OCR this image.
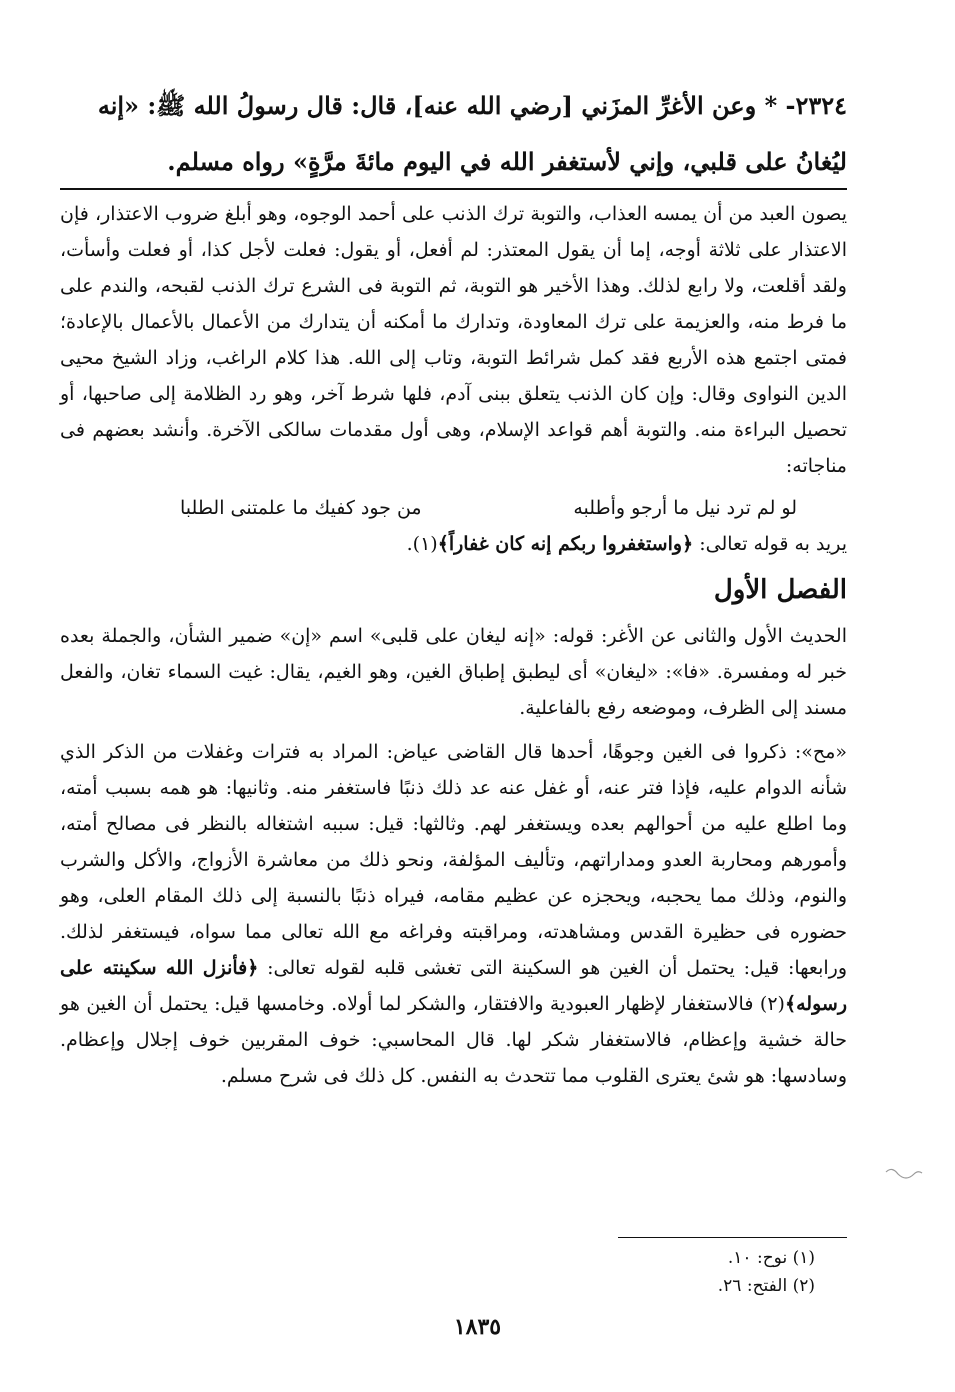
٢٣٢٤- * وعن الأغرِّ المزَني [رضي الله عنه]، قال: قال رسولُ الله ﷺ: «إنه

ليُغانُ على قلبي، وإني لأستغفر الله في اليوم مائةَ مرَّةٍ» رواه مسلم.

يصون العبد من أن يمسه العذاب، والتوبة ترك الذنب على أحمد الوجوه، وهو أبلغ ضروب الاعتذار، فإن الاعتذار على ثلاثة أوجه، إما أن يقول المعتذر: لم أفعل، أو يقول: فعلت لأجل كذا، أو فعلت وأسأت، ولقد أقلعت، ولا رابع لذلك. وهذا الأخير هو التوبة، ثم التوبة فى الشرع ترك الذنب لقبحه، والندم على ما فرط منه، والعزيمة على ترك المعاودة، وتدارك ما أمكنه أن يتدارك من الأعمال بالأعمال بالإعادة؛ فمتى اجتمع هذه الأربع فقد كمل شرائط التوبة، وتاب إلى الله. هذا كلام الراغب، وزاد الشيخ محيى الدين النواوى وقال: وإن كان الذنب يتعلق ببنى آدم، فلها شرط آخر، وهو رد الظلامة إلى صاحبها، أو تحصيل البراءة منه. والتوبة أهم قواعد الإسلام، وهى أول مقدمات سالكى الآخرة. وأنشد بعضهم فى مناجاته:

لو لم ترد نيل ما أرجو وأطلبه
من جود كفيك ما علمتنى الطلبا

يريد به قوله تعالى: ﴿واستغفروا ربكم إنه كان غفاراً﴾(١).

الفصل الأول

الحديث الأول والثانى عن الأغر: قوله: «إنه ليغان على قلبى» اسم «إن» ضمير الشأن، والجملة بعده خبر له ومفسرة. «فا»: «ليغان» أى ليطبق إطباق الغين، وهو الغيم، يقال: غيت السماء تغان، والفعل مسند إلى الظرف، وموضعه رفع بالفاعلية.

«مح»: ذكروا فى الغين وجوهًا، أحدها قال القاضى عياض: المراد به فترات وغفلات من الذكر الذي شأنه الدوام عليه، فإذا فتر عنه، أو غفل عنه عد ذلك ذنبًا فاستغفر منه. وثانيها: هو همه بسبب أمته، وما اطلع عليه من أحوالهم بعده ويستغفر لهم. وثالثها: قيل: سببه اشتغاله بالنظر فى مصالح أمته، وأمورهم ومحاربة العدو ومداراتهم، وتأليف المؤلفة، ونحو ذلك من معاشرة الأزواج، والأكل والشرب والنوم، وذلك مما يحجبه، ويحجزه عن عظيم مقامه، فيراه ذنبًا بالنسبة إلى ذلك المقام العلى، وهو حضوره فى حظيرة القدس ومشاهدته، ومراقبته وفراغه مع الله تعالى مما سواه، فيستغفر لذلك. ورابعها: قيل: يحتمل أن الغين هو السكينة التى تغشى قلبه لقوله تعالى: ﴿فأنزل الله سكينته على رسوله﴾(٢) فالاستغفار لإظهار العبودية والافتقار، والشكر لما أولاه. وخامسها قيل: يحتمل أن الغين هو حالة خشية وإعظام، فالاستغفار شكر لها. قال المحاسبي: خوف المقربين خوف إجلال وإعظام. وسادسها: هو شئ يعترى القلوب مما تتحدث به النفس. كل ذلك فى شرح مسلم.

(١) نوح: ١٠.
(٢) الفتح: ٢٦.
١٨٣٥
